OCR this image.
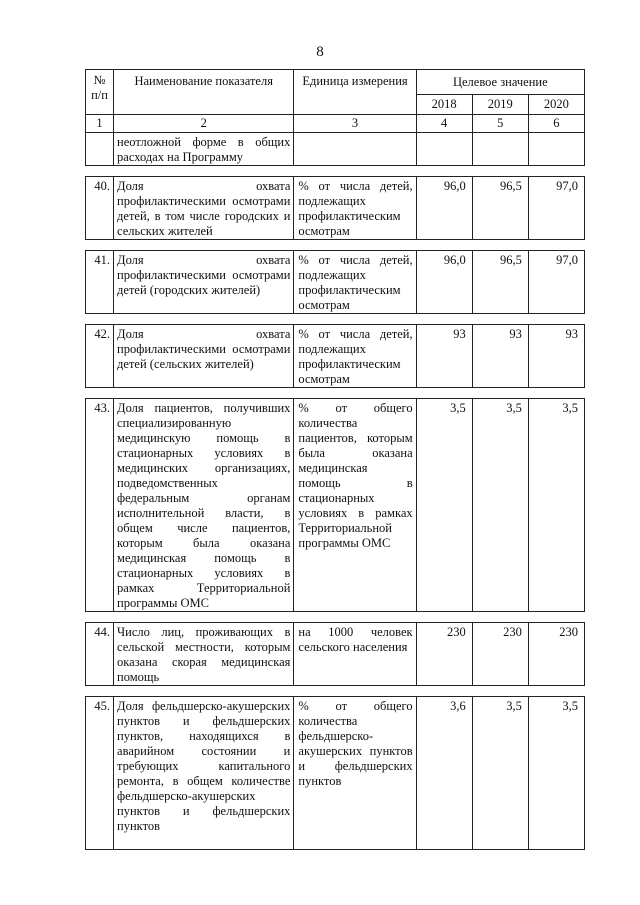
8
№
п/п	Наименование показателя	Единица измерения	Целевое значение		
			2018	2019	2020
1	2	3	4	5	6
	неотложной форме в общих расходах на Программу				

40.	Доля охвата профилактическими осмотрами детей, в том числе городских и сельских жителей	% от числа детей, подлежащих профилактическим осмотрам	96,0	96,5	97,0

41.	Доля охвата профилактическими осмотрами детей (городских жителей)	% от числа детей, подлежащих профилактическим осмотрам	96,0	96,5	97,0

42.	Доля охвата профилактическими осмотрами детей (сельских жителей)	% от числа детей, подлежащих профилактическим осмотрам	93	93	93

43.	Доля пациентов, получивших специализированную медицинскую помощь в стационарных условиях в медицинских организациях, подведомственных федеральным органам исполнительной власти, в общем числе пациентов, которым была оказана медицинская помощь в стационарных условиях в рамках Территориальной программы ОМС	% от общего количества пациентов, которым была оказана медицинская помощь в стационарных условиях в рамках Территориальной программы ОМС	3,5	3,5	3,5

44.	Число лиц, проживающих в сельской местности, которым оказана скорая медицинская помощь	на 1000 человек сельского населения	230	230	230

45.	Доля фельдшерско-акушерских пунктов и фельдшерских пунктов, находящихся в аварийном состоянии и требующих капитального ремонта, в общем количестве фельдшерско-акушерских пунктов и фельдшерских пунктов	% от общего количества фельдшерско-акушерских пунктов и фельдшерских пунктов	3,6	3,5	3,5
